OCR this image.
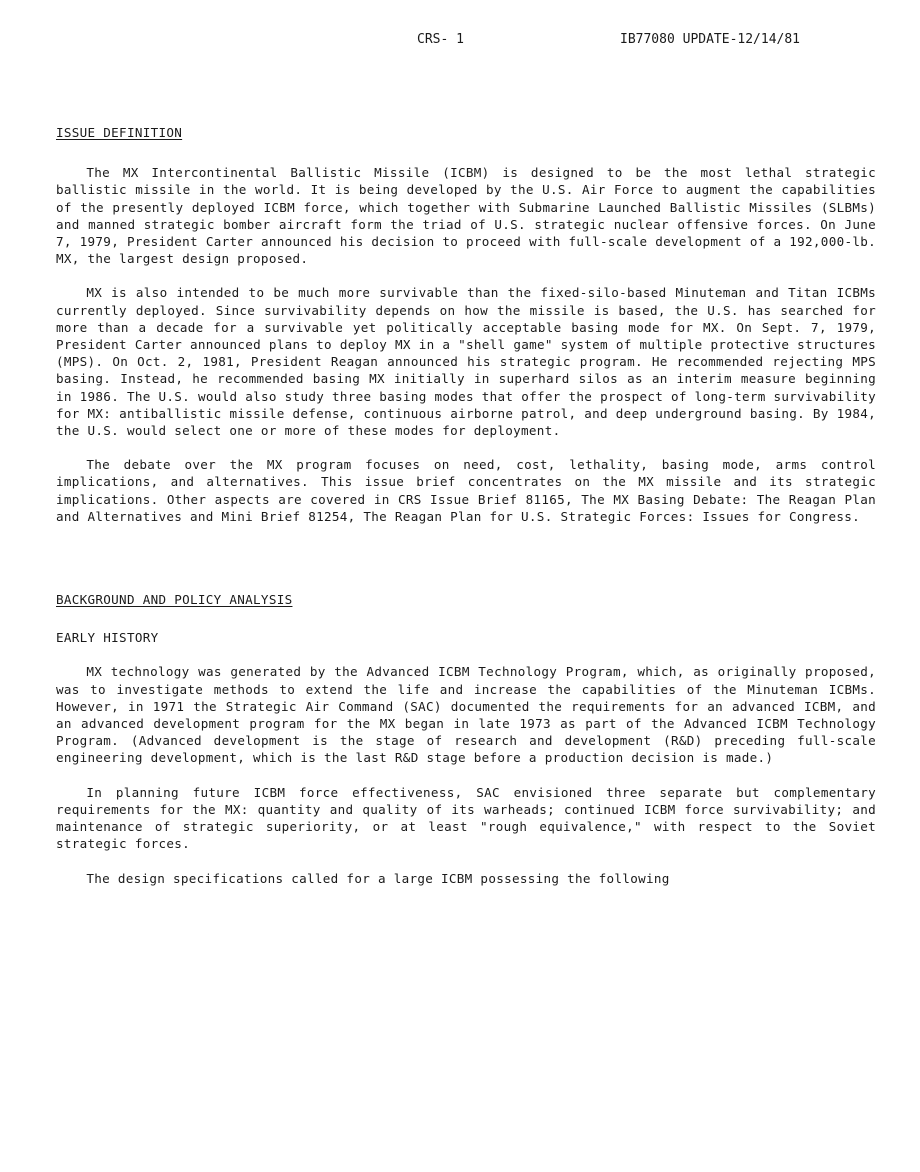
CRS- 1	IB77080 UPDATE-12/14/81
ISSUE DEFINITION

The MX Intercontinental Ballistic Missile (ICBM) is designed to be the most lethal strategic ballistic missile in the world. It is being developed by the U.S. Air Force to augment the capabilities of the presently deployed ICBM force, which together with Submarine Launched Ballistic Missiles (SLBMs) and manned strategic bomber aircraft form the triad of U.S. strategic nuclear offensive forces. On June 7, 1979, President Carter announced his decision to proceed with full-scale development of a 192,000-lb. MX, the largest design proposed.

MX is also intended to be much more survivable than the fixed-silo-based Minuteman and Titan ICBMs currently deployed. Since survivability depends on how the missile is based, the U.S. has searched for more than a decade for a survivable yet politically acceptable basing mode for MX. On Sept. 7, 1979, President Carter announced plans to deploy MX in a "shell game" system of multiple protective structures (MPS). On Oct. 2, 1981, President Reagan announced his strategic program. He recommended rejecting MPS basing. Instead, he recommended basing MX initially in superhard silos as an interim measure beginning in 1986. The U.S. would also study three basing modes that offer the prospect of long-term survivability for MX: antiballistic missile defense, continuous airborne patrol, and deep underground basing. By 1984, the U.S. would select one or more of these modes for deployment.

The debate over the MX program focuses on need, cost, lethality, basing mode, arms control implications, and alternatives. This issue brief concentrates on the MX missile and its strategic implications. Other aspects are covered in CRS Issue Brief 81165, The MX Basing Debate: The Reagan Plan and Alternatives and Mini Brief 81254, The Reagan Plan for U.S. Strategic Forces: Issues for Congress.

BACKGROUND AND POLICY ANALYSIS
EARLY HISTORY

MX technology was generated by the Advanced ICBM Technology Program, which, as originally proposed, was to investigate methods to extend the life and increase the capabilities of the Minuteman ICBMs. However, in 1971 the Strategic Air Command (SAC) documented the requirements for an advanced ICBM, and an advanced development program for the MX began in late 1973 as part of the Advanced ICBM Technology Program. (Advanced development is the stage of research and development (R&D) preceding full-scale engineering development, which is the last R&D stage before a production decision is made.)

In planning future ICBM force effectiveness, SAC envisioned three separate but complementary requirements for the MX: quantity and quality of its warheads; continued ICBM force survivability; and maintenance of strategic superiority, or at least "rough equivalence," with respect to the Soviet strategic forces.

The design specifications called for a large ICBM possessing the following
